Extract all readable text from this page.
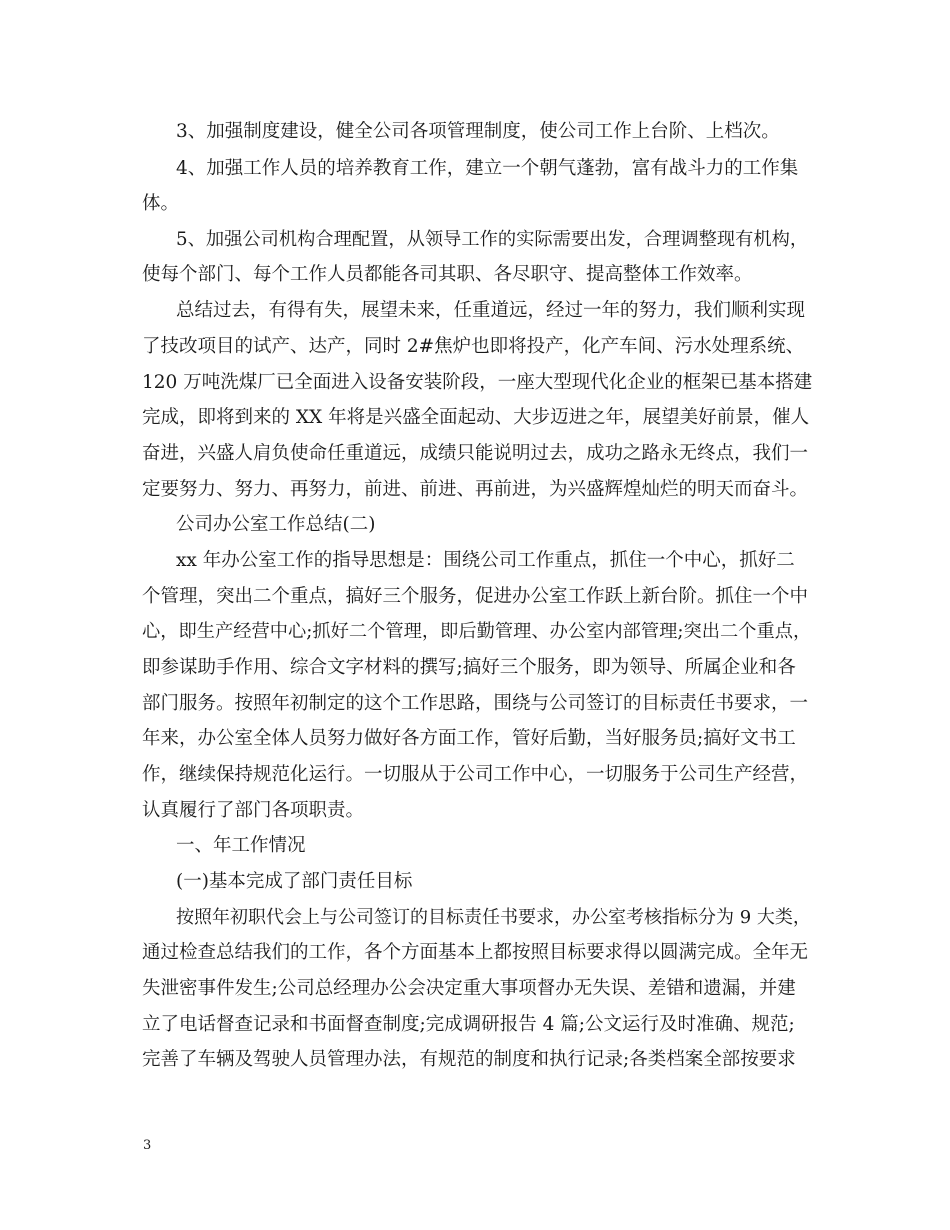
3、加强制度建设，健全公司各项管理制度，使公司工作上台阶、上档次。
4、加强工作人员的培养教育工作，建立一个朝气蓬勃，富有战斗力的工作集
体。
5、加强公司机构合理配置，从领导工作的实际需要出发，合理调整现有机构，
使每个部门、每个工作人员都能各司其职、各尽职守、提高整体工作效率。
总结过去，有得有失，展望未来，任重道远，经过一年的努力，我们顺利实现
了技改项目的试产、达产，同时 2#焦炉也即将投产，化产车间、污水处理系统、
120 万吨洗煤厂已全面进入设备安装阶段，一座大型现代化企业的框架已基本搭建
完成，即将到来的 XX 年将是兴盛全面起动、大步迈进之年，展望美好前景，催人
奋进，兴盛人肩负使命任重道远，成绩只能说明过去，成功之路永无终点，我们一
定要努力、努力、再努力，前进、前进、再前进，为兴盛辉煌灿烂的明天而奋斗。
公司办公室工作总结(二)
xx 年办公室工作的指导思想是：围绕公司工作重点，抓住一个中心，抓好二
个管理，突出二个重点，搞好三个服务，促进办公室工作跃上新台阶。抓住一个中
心，即生产经营中心;抓好二个管理，即后勤管理、办公室内部管理;突出二个重点，
即参谋助手作用、综合文字材料的撰写;搞好三个服务，即为领导、所属企业和各
部门服务。按照年初制定的这个工作思路，围绕与公司签订的目标责任书要求，一
年来，办公室全体人员努力做好各方面工作，管好后勤，当好服务员;搞好文书工
作，继续保持规范化运行。一切服从于公司工作中心，一切服务于公司生产经营，
认真履行了部门各项职责。
一、年工作情况
(一)基本完成了部门责任目标
按照年初职代会上与公司签订的目标责任书要求，办公室考核指标分为 9 大类，
通过检查总结我们的工作，各个方面基本上都按照目标要求得以圆满完成。全年无
失泄密事件发生;公司总经理办公会决定重大事项督办无失误、差错和遗漏，并建
立了电话督查记录和书面督查制度;完成调研报告 4 篇;公文运行及时准确、规范;
完善了车辆及驾驶人员管理办法，有规范的制度和执行记录;各类档案全部按要求
3
